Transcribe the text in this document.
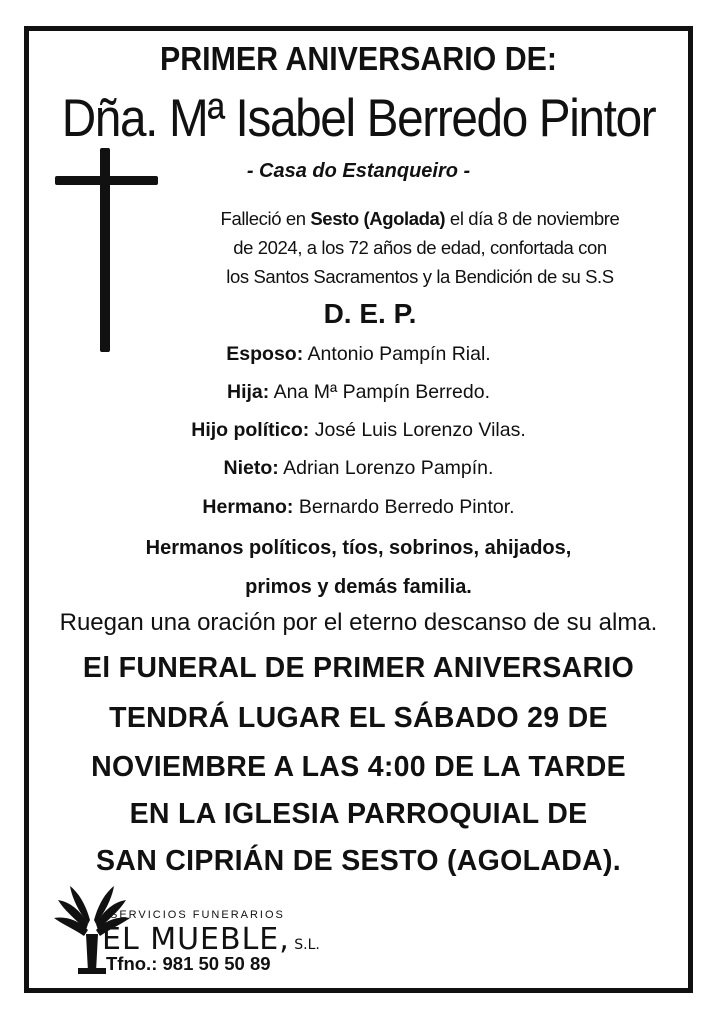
PRIMER ANIVERSARIO DE:
Dña. Mª Isabel Berredo Pintor
- Casa do Estanqueiro -
Falleció en Sesto (Agolada) el día 8 de noviembre
de 2024, a los 72 años de edad, confortada con
los Santos Sacramentos y la Bendición de su S.S
D. E. P.
Esposo: Antonio Pampín Rial.
Hija: Ana Mª Pampín Berredo.
Hijo político: José Luis Lorenzo Vilas.
Nieto: Adrian Lorenzo Pampín.
Hermano: Bernardo Berredo Pintor.
Hermanos políticos, tíos, sobrinos, ahijados,
primos y demás familia.
Ruegan una oración por el eterno descanso de su alma.
El FUNERAL DE PRIMER ANIVERSARIO
TENDRÁ LUGAR EL SÁBADO 29 DE
NOVIEMBRE A LAS 4:00 DE LA TARDE
EN LA IGLESIA PARROQUIAL DE
SAN CIPRIÁN DE SESTO (AGOLADA).
SERVICIOS FUNERARIOS
EL MUEBLE, S.L.
Tfno.: 981 50 50 89
